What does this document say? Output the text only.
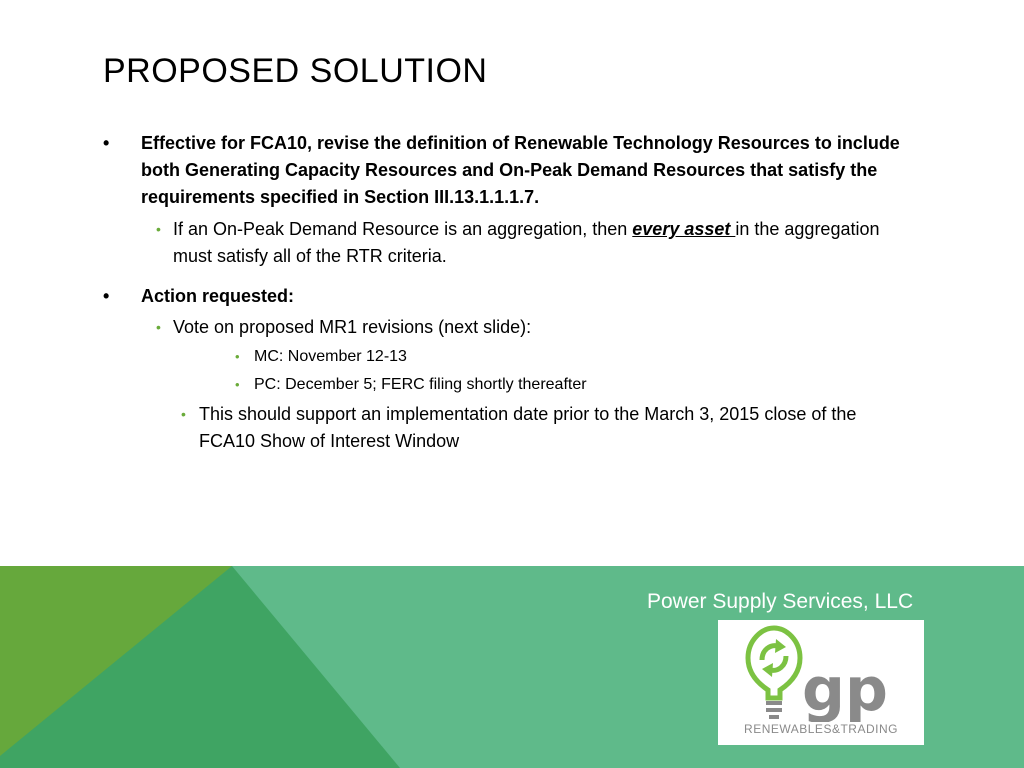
PROPOSED SOLUTION
• Effective for FCA10, revise the definition of Renewable Technology Resources to include both Generating Capacity Resources and On-Peak Demand Resources that satisfy the requirements specified in Section III.13.1.1.1.7.
• If an On-Peak Demand Resource is an aggregation, then every asset in the aggregation must satisfy all of the RTR criteria.
• Action requested:
• Vote on proposed MR1 revisions (next slide):
• MC: November 12-13
• PC: December 5; FERC filing shortly thereafter
• This should support an implementation date prior to the March 3, 2015 close of the FCA10 Show of Interest Window
Power Supply Services, LLC
gp
RENEWABLES&TRADING
